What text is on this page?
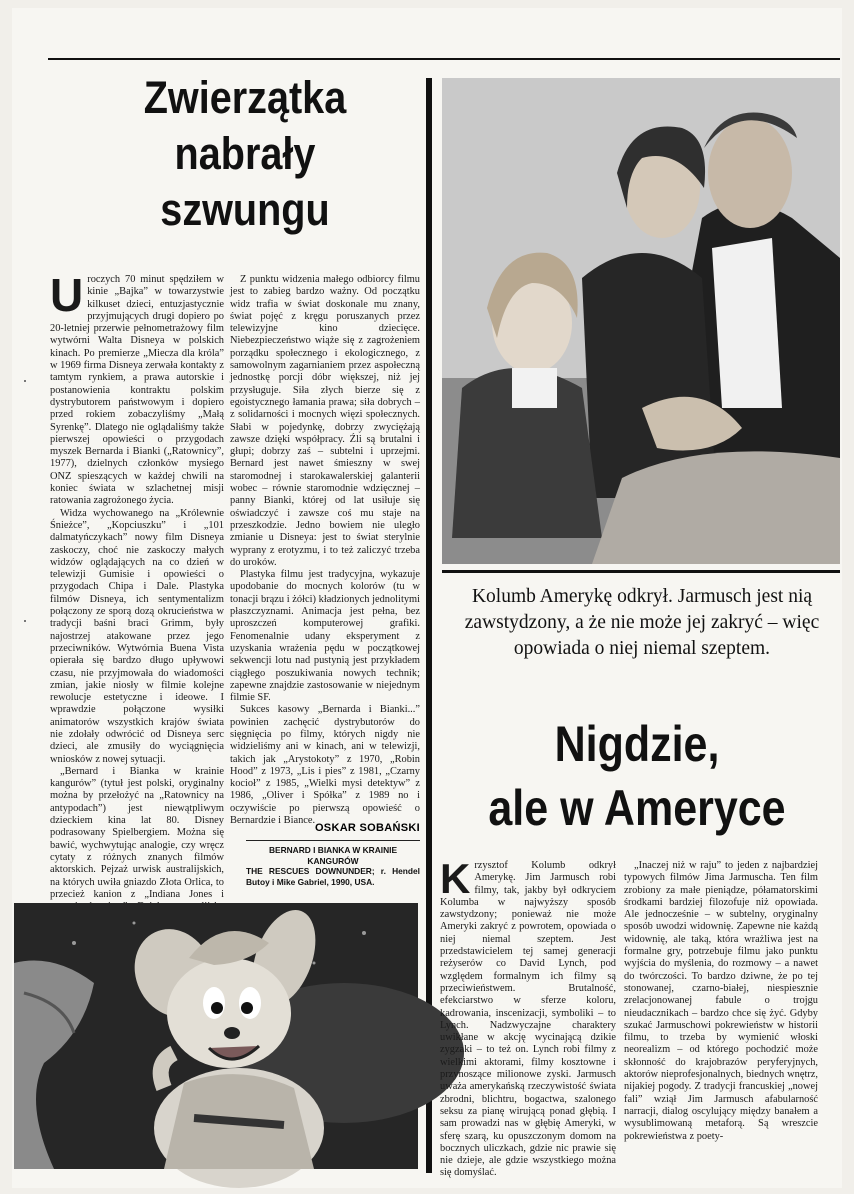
Zwierzątka
nabrały
szwungu

Uroczych 70 minut spędziłem w kinie „Bajka” w towarzystwie kilkuset dzieci, entuzjastycznie przyjmujących drugi dopiero po 20-letniej przerwie pełnometrażowy film wytwórni Walta Disneya w polskich kinach. Po premierze „Miecza dla króla” w 1969 firma Disneya zerwała kontakty z tamtym rynkiem, a prawa autorskie i postanowienia kontraktu polskim dystrybutorem państwowym i dopiero przed rokiem zobaczyliśmy „Małą Syrenkę”. Dlatego nie oglądaliśmy także pierwszej opowieści o przygodach myszek Bernarda i Bianki („Ratownicy”, 1977), dzielnych członków mysiego ONZ spieszących w każdej chwili na koniec świata w szlachetnej misji ratowania zagrożonego życia.

Widza wychowanego na „Królewnie Śnieżce”, „Kopciuszku” i „101 dalmatyńczykach” nowy film Disneya zaskoczy, choć nie zaskoczy małych widzów oglądających na co dzień w telewizji Gumisie i opowieści o przygodach Chipa i Dale. Plastyka filmów Disneya, ich sentymentalizm połączony ze sporą dozą okrucieństwa w tradycji baśni braci Grimm, były najostrzej atakowane przez jego przeciwników. Wytwórnia Buena Vista opierała się bardzo długo upływowi czasu, nie przyjmowała do wiadomości zmian, jakie niosły w filmie kolejne rewolucje estetyczne i ideowe. I wprawdzie połączone wysiłki animatorów wszystkich krajów świata nie zdołały odwrócić od Disneya serc dzieci, ale zmusiły do wyciągnięcia wniosków z nowej sytuacji.

„Bernard i Bianka w krainie kangurów” (tytuł jest polski, oryginalny można by przełożyć na „Ratownicy na antypodach”) jest niewątpliwym dzieckiem kina lat 80. Disney podrasowany Spielbergiem. Można się bawić, wychwytując analogie, czy wręcz cytaty z różnych znanych filmów aktorskich. Pejzaż urwisk australijskich, na których uwiła gniazdo Złota Orlica, to przecież kanion z „Indiana Jones i

Z punktu widzenia małego odbiorcy filmu jest to zabieg bardzo ważny. Od początku widz trafia w świat doskonale mu znany, świat pojęć z kręgu poruszanych przez telewizyjne kino dziecięce. Niebezpieczeństwo wiąże się z zagrożeniem porządku społecznego i ekologicznego, z samowolnym zagarnianiem przez aspołeczną jednostkę porcji dóbr większej, niż jej przysługuje. Siła złych bierze się z egoistycznego łamania prawa; siła dobrych – z solidarności i mocnych więzi społecznych. Słabi w pojedynkę, dobrzy zwyciężają zawsze dzięki współpracy. Źli są brutalni i głupi; dobrzy zaś – subtelni i uprzejmi. Bernard jest nawet śmieszny w swej staromodnej i starokawalerskiej galanterii wobec – równie staromodnie wdzięcznej – panny Bianki, której od lat usiłuje się oświadczyć i zawsze coś mu staje na przeszkodzie. Jedno bowiem nie uległo zmianie u Disneya: jest to świat sterylnie wyprany z erotyzmu, i to też zaliczyć trzeba do uroków.

Plastyka filmu jest tradycyjna, wykazuje upodobanie do mocnych kolorów (tu w tonacji brązu i żółci) kładzionych jednolitymi płaszczyznami. Animacja jest pełna, bez uproszczeń komputerowej grafiki. Fenomenalnie udany eksperyment z uzyskania wrażenia pędu w początkowej sekwencji lotu nad pustynią jest przykładem ciągłego poszukiwania nowych technik; zapewne znajdzie zastosowanie w niejednym filmie SF.

Sukces kasowy „Bernarda i Bianki...” powinien zachęcić dystrybutorów do sięgnięcia po filmy, których nigdy nie widzieliśmy ani w kinach, ani w telewizji, takich jak „Arystokoty” z 1970, „Robin Hood” z 1973, „Lis i pies” z 1981, „Czarny kocioł” z 1985, „Wielki mysi detektyw” z 1986, „Oliver i Spółka” z 1989 no i oczywiście po pierwszą opowieść o Bernardzie i Biance.

OSKAR SOBAŃSKI
BERNARD I BIANKA W KRAINIE KANGURÓW
THE RESCUES DOWNUNDER; r. Hendel Butoy i Mike Gabriel, 1990, USA.
Kolumb Amerykę odkrył. Jarmusch jest nią zawstydzony, a że nie może jej zakryć – więc opowiada o niej niemal szeptem.
Nigdzie,
ale w Ameryce

Krzysztof Kolumb odkrył Amerykę. Jim Jarmusch robi filmy, tak, jakby był odkryciem Kolumba w najwyższy sposób zawstydzony; ponieważ nie może Ameryki zakryć z powrotem, opowiada o niej niemal szeptem. Jest przedstawicielem tej samej generacji reżyserów co David Lynch, pod względem formalnym ich filmy są przeciwieństwem. Brutalność, efekciarstwo w sferze koloru, kadrowania, inscenizacji, symboliki – to Lynch. Nadzwyczajne charaktery uwikłane w akcję wycinającą dzikie zygzaki – to też on. Lynch robi filmy z wielkimi aktorami, filmy kosztowne i przynoszące milionowe zyski. Jarmusch uważa amerykańską rzeczywistość świata zbrodni, blichtru, bogactwa, szalonego seksu za pianę wirującą ponad głębią. I sam prowadzi nas w głębię Ameryki, w sferę szarą, ku opuszczonym domom na bocznych uliczkach, gdzie nic prawie się nie dzieje, ale gdzie wszystkiego można się domyślać.

„Inaczej niż w raju” to jeden z najbardziej typowych filmów Jima Jarmuscha. Ten film zrobiony za małe pieniądze, półamatorskimi środkami bardziej filozofuje niż opowiada. Ale jednocześnie – w subtelny, oryginalny sposób uwodzi widownię. Zapewne nie każdą widownię, ale taką, która wrażliwa jest na formalne gry, potrzebuje filmu jako punktu wyjścia do myślenia, do rozmowy – a nawet do twórczości. To bardzo dziwne, że po tej stonowanej, czarno-białej, niespiesznie zrelacjonowanej fabule o trojgu nieudacznikach – bardzo chce się żyć. Gdyby szukać Jarmuschowi pokrewieństw w historii filmu, to trzeba by wymienić włoski neorealizm – od którego pochodzić może skłonność do krajobrazów peryferyjnych, aktorów nieprofesjonalnych, biednych wnętrz, nijakiej pogody. Z tradycji francuskiej „nowej fali” wziął Jim Jarmusch afabularność narracji, dialog oscylujący między banałem a wysublimowaną metaforą. Są wreszcie pokrewieństwa z poety-
